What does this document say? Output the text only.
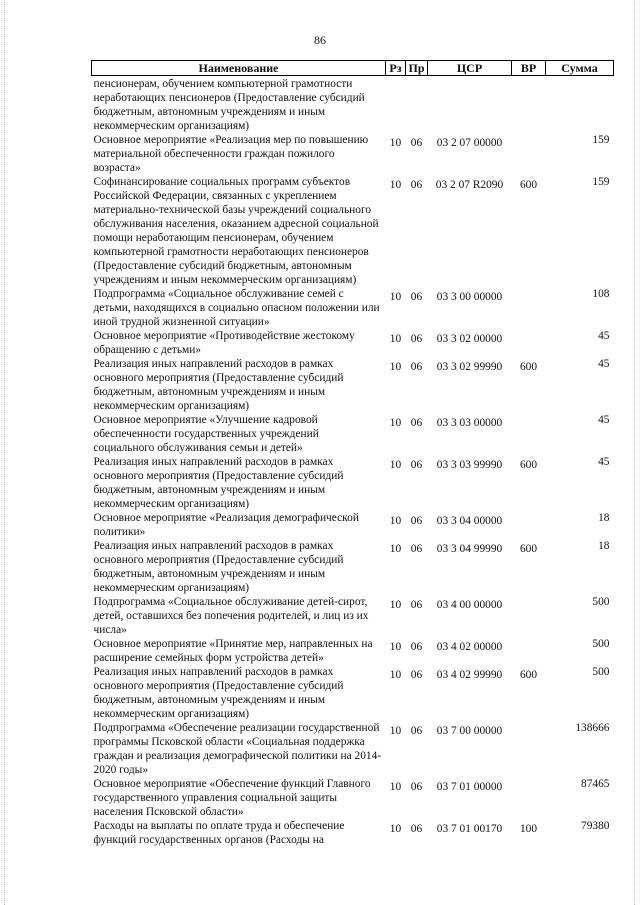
86
Наименование	Рз	Пр	ЦСР	ВР	Сумма
пенсионерам, обучением компьютерной грамотности неработающих пенсионеров (Предоставление субсидий бюджетным, автономным учреждениям и иным некоммерческим организациям)					
Основное мероприятие «Реализация мер по повышению материальной обеспеченности граждан пожилого возраста»	10	06	03 2 07 00000		159
Софинансирование социальных программ субъектов Российской Федерации, связанных с укреплением материально-технической базы учреждений социального обслуживания населения, оказанием адресной социальной помощи неработающим пенсионерам, обучением компьютерной грамотности неработающих пенсионеров (Предоставление субсидий бюджетным, автономным учреждениям и иным некоммерческим организациям)	10	06	03 2 07 R2090	600	159
Подпрограмма «Социальное обслуживание семей с детьми, находящихся в социально опасном положении или иной трудной жизненной ситуации»	10	06	03 3 00 00000		108
Основное мероприятие «Противодействие жестокому обращению с детьми»	10	06	03 3 02 00000		45
Реализация иных направлений расходов в рамках основного мероприятия (Предоставление субсидий бюджетным, автономным учреждениям и иным некоммерческим организациям)	10	06	03 3 02 99990	600	45
Основное мероприятие «Улучшение кадровой обеспеченности государственных учреждений социального обслуживания семьи и детей»	10	06	03 3 03 00000		45
Реализация иных направлений расходов в рамках основного мероприятия (Предоставление субсидий бюджетным, автономным учреждениям и иным некоммерческим организациям)	10	06	03 3 03 99990	600	45
Основное мероприятие «Реализация демографической политики»	10	06	03 3 04 00000		18
Реализация иных направлений расходов в рамках основного мероприятия (Предоставление субсидий бюджетным, автономным учреждениям и иным некоммерческим организациям)	10	06	03 3 04 99990	600	18
Подпрограмма «Социальное обслуживание детей-сирот, детей, оставшихся без попечения родителей, и лиц из их числа»	10	06	03 4 00 00000		500
Основное мероприятие «Принятие мер, направленных на расширение семейных форм устройства детей»	10	06	03 4 02 00000		500
Реализация иных направлений расходов в рамках основного мероприятия (Предоставление субсидий бюджетным, автономным учреждениям и иным некоммерческим организациям)	10	06	03 4 02 99990	600	500
Подпрограмма «Обеспечение реализации государственной программы Псковской области «Социальная поддержка граждан и реализация демографической политики на 2014-2020 годы»	10	06	03 7 00 00000		138666
Основное мероприятие «Обеспечение функций Главного государственного управления социальной защиты населения Псковской области»	10	06	03 7 01 00000		87465
Расходы на выплаты по оплате труда и обеспечение функций государственных органов (Расходы на	10	06	03 7 01 00170	100	79380
